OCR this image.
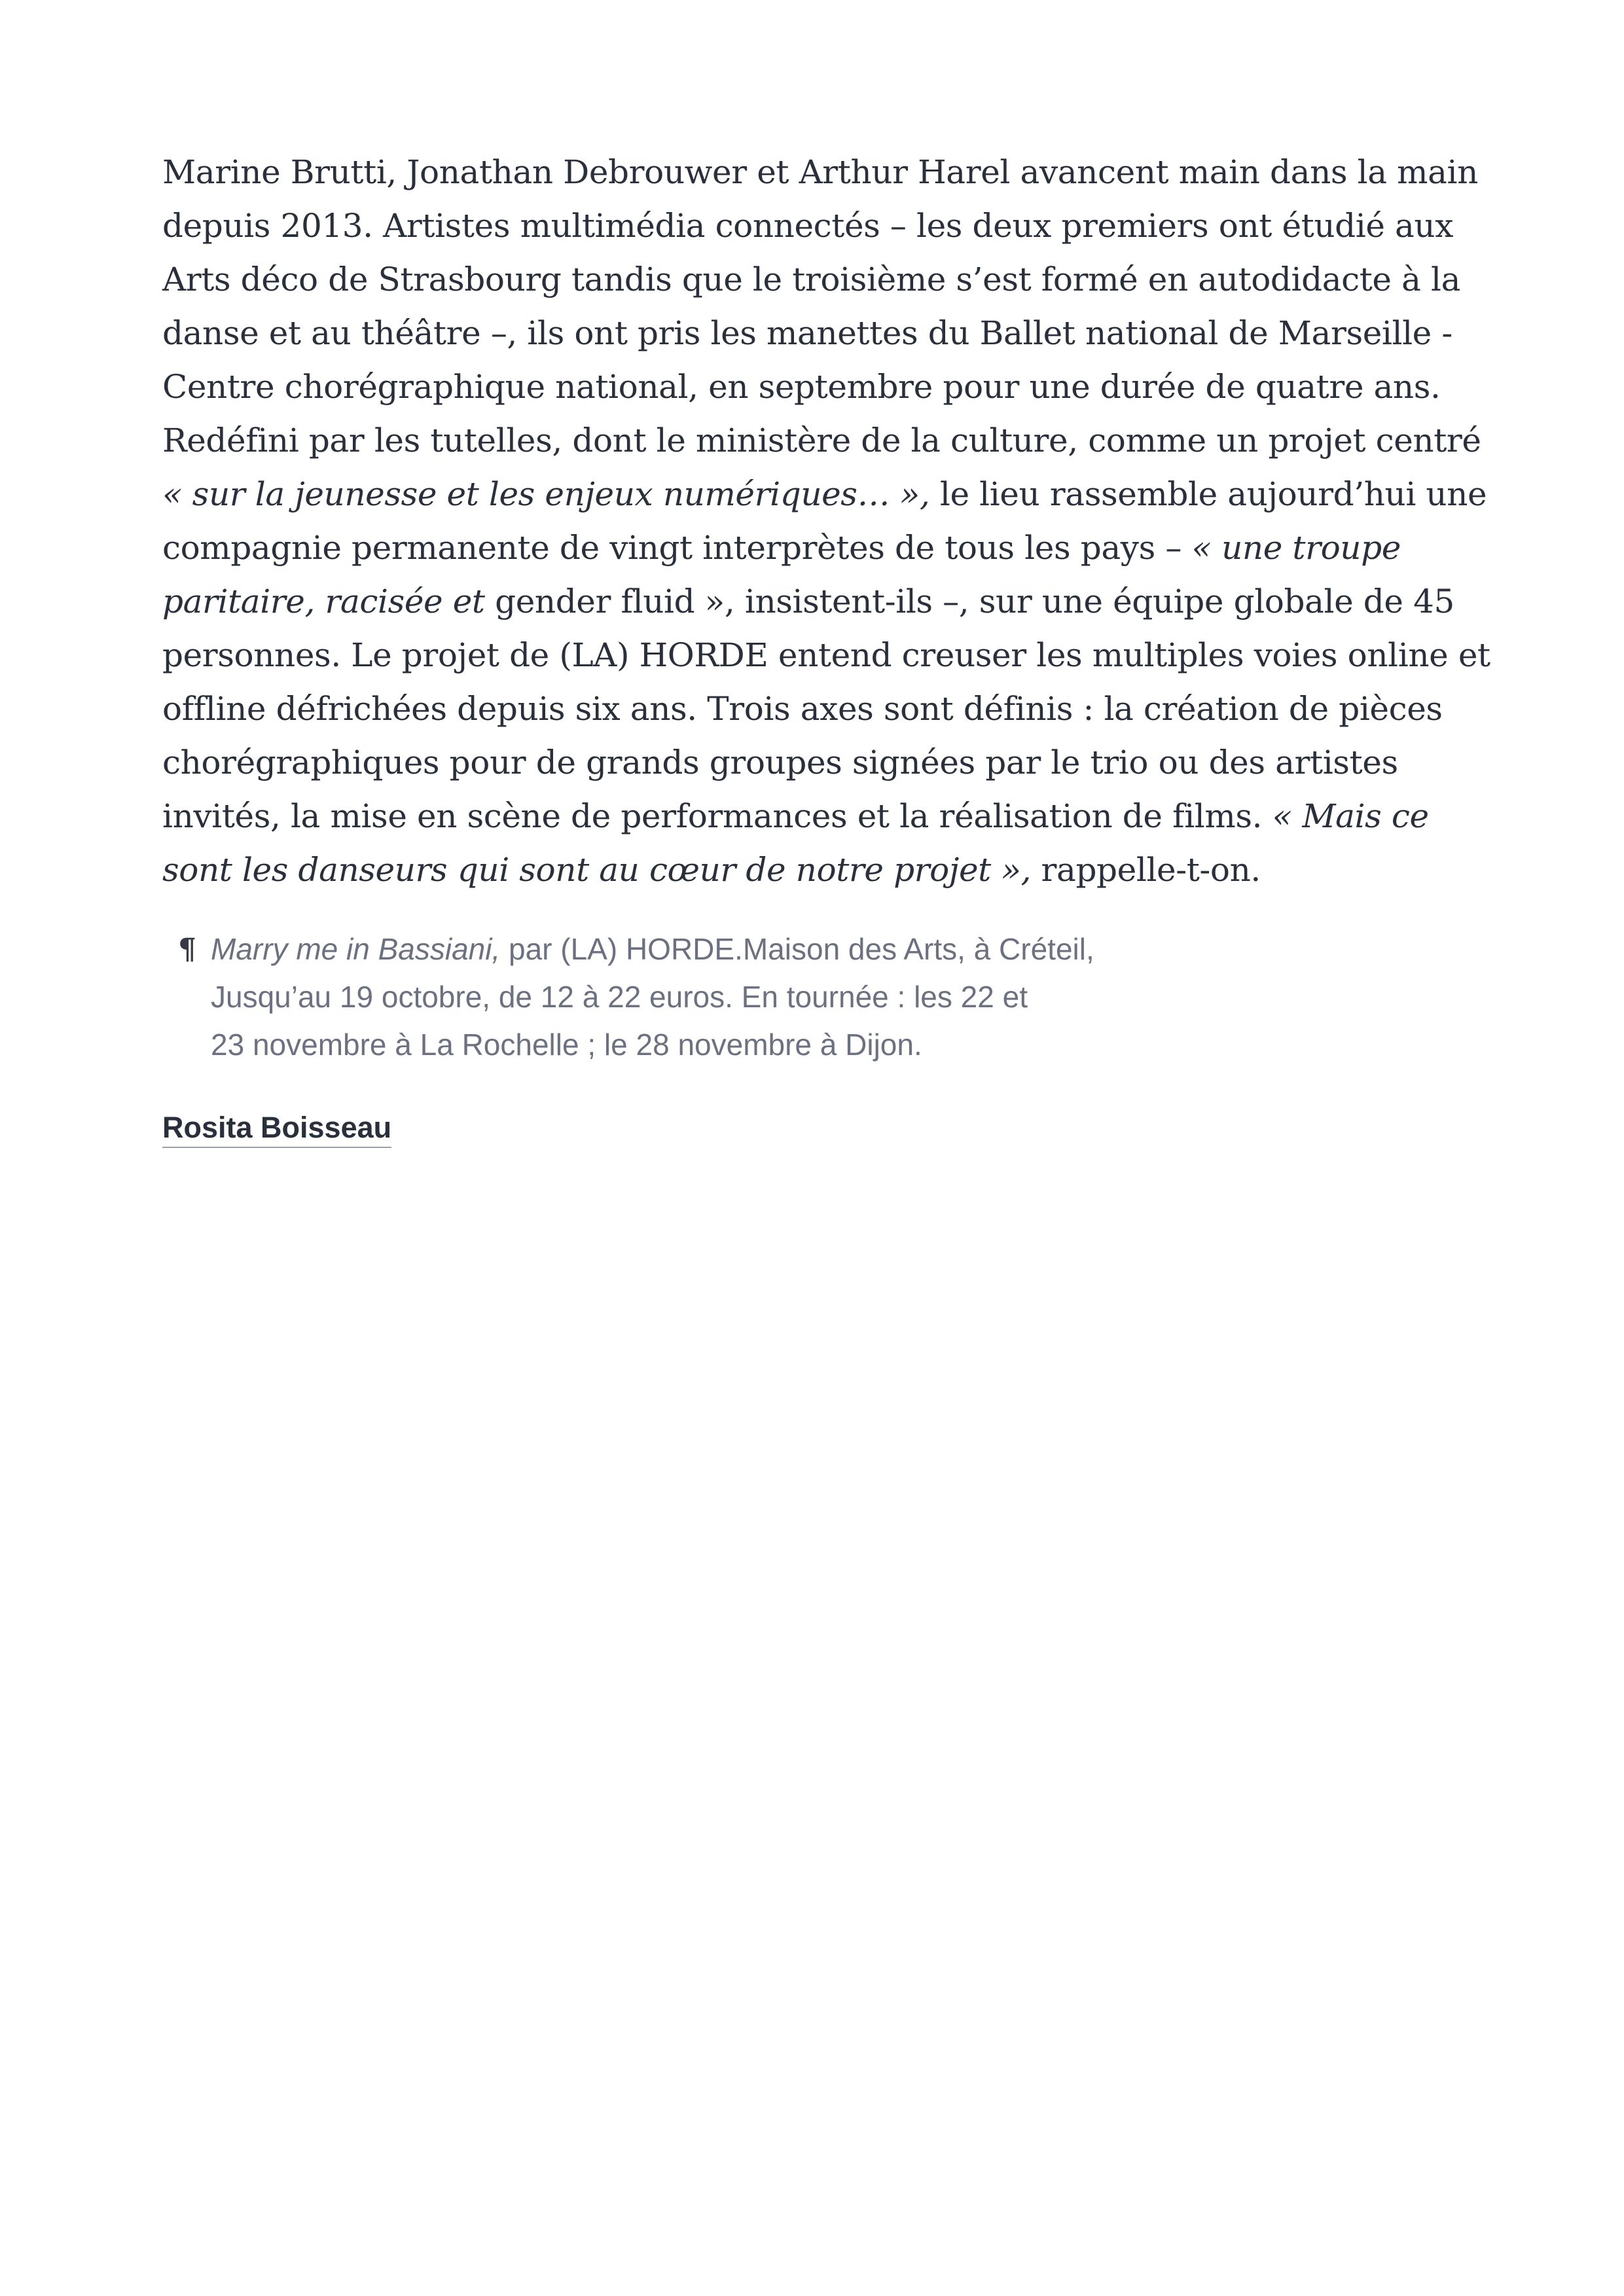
Marine Brutti, Jonathan Debrouwer et Arthur Harel avancent main dans la main depuis 2013. Artistes multimédia connectés – les deux premiers ont étudié aux Arts déco de Strasbourg tandis que le troisième s’est formé en autodidacte à la danse et au théâtre –, ils ont pris les manettes du Ballet national de Marseille - Centre chorégraphique national, en septembre pour une durée de quatre ans. Redéfini par les tutelles, dont le ministère de la culture, comme un projet centré « sur la jeunesse et les enjeux numériques… », le lieu rassemble aujourd’hui une compagnie permanente de vingt interprètes de tous les pays – « une troupe paritaire, racisée et gender fluid », insistent-ils –, sur une équipe globale de 45 personnes. Le projet de (LA) HORDE entend creuser les multiples voies online et offline défrichées depuis six ans. Trois axes sont définis : la création de pièces chorégraphiques pour de grands groupes signées par le trio ou des artistes invités, la mise en scène de performances et la réalisation de films. « Mais ce sont les danseurs qui sont au cœur de notre projet », rappelle-t-on.

¶ Marry me in Bassiani, par (LA) HORDE.Maison des Arts, à Créteil,
Jusqu’au 19 octobre, de 12 à 22 euros. En tournée : les 22 et
23 novembre à La Rochelle ; le 28 novembre à Dijon.
Rosita Boisseau
